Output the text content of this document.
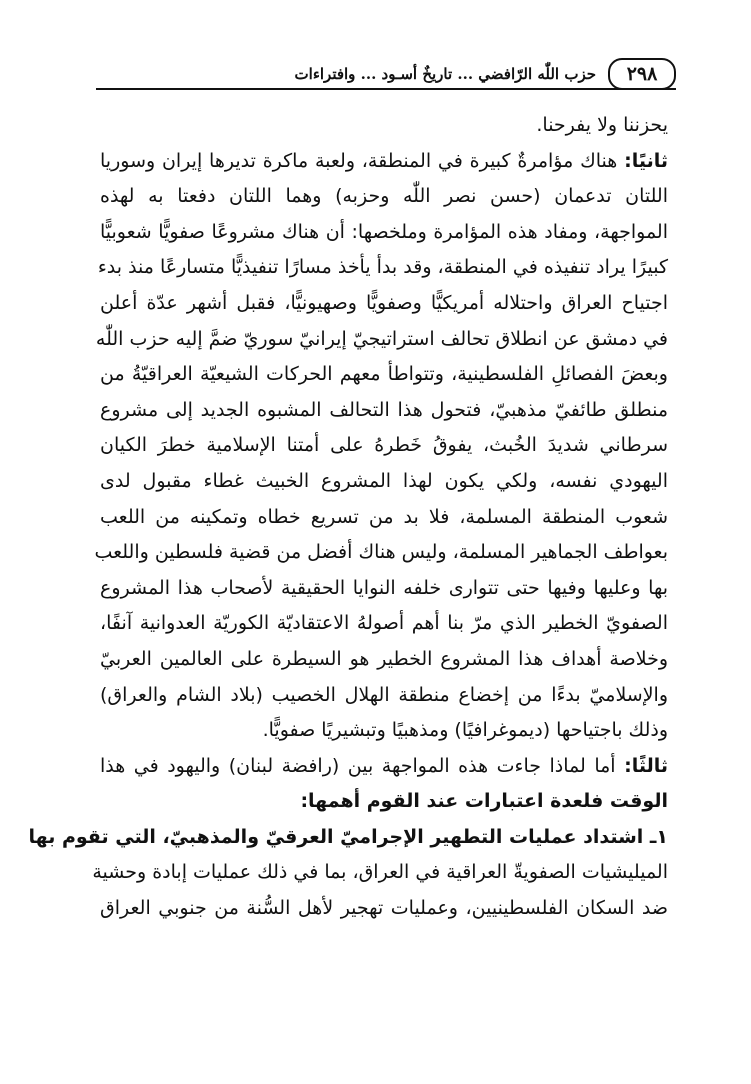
٢٩٨
حزب اللّٰه الرّافضي ... تاريخٌ أسـود ... وافتراءات
يحزننا ولا يفرحنا.
ثانيًا: هناك مؤامرةٌ كبيرة في المنطقة، ولعبة ماكرة تديرها إيران وسوريا
اللتان تدعمان (حسن نصر اللّٰه وحزبه) وهما اللتان دفعتا به لهذه
المواجهة، ومفاد هذه المؤامرة وملخصها: أن هناك مشروعًا صفويًّا شعوبيًّا
كبيرًا يراد تنفيذه في المنطقة، وقد بدأ يأخذ مسارًا تنفيذيًّا متسارعًا منذ بدء
اجتياح العراق واحتلاله أمريكيًّا وصفويًّا وصهيونيًّا، فقبل أشهر عدّة أعلن
في دمشق عن انطلاق تحالف استراتيجيّ إيرانيّ سوريّ ضمَّ إليه حزب اللّٰه
وبعضَ الفصائلِ الفلسطينية، وتتواطأ معهم الحركات الشيعيّة العراقيّةُ من
منطلق طائفيّ مذهبيّ، فتحول هذا التحالف المشبوه الجديد إلى مشروع
سرطاني شديدَ الخُبث، يفوقُ خَطرهُ على أمتنا الإسلامية خطرَ الكيان
اليهودي نفسه، ولكي يكون لهذا المشروع الخبيث غطاء مقبول لدى
شعوب المنطقة المسلمة، فلا بد من تسريع خطاه وتمكينه من اللعب
بعواطف الجماهير المسلمة، وليس هناك أفضل من قضية فلسطين واللعب
بها وعليها وفيها حتى تتوارى خلفه النوايا الحقيقية لأصحاب هذا المشروع
الصفويّ الخطير الذي مرّ بنا أهم أصولهُ الاعتقاديّة الكوريّة العدوانية آنفًا،
وخلاصة أهداف هذا المشروع الخطير هو السيطرة على العالمين العربيّ
والإسلاميّ بدءًا من إخضاع منطقة الهلال الخصيب (بلاد الشام والعراق)
وذلك باجتياحها (ديموغرافيًا) ومذهبيًا وتبشيريًا صفويًّا.
ثالثًا: أما لماذا جاءت هذه المواجهة بين (رافضة لبنان) واليهود في هذا
الوقت فلعدة اعتبارات عند القوم أهمها:
١ـ اشتداد عمليات التطهير الإجراميّ العرقيّ والمذهبيّ، التي تقوم بها
الميليشيات الصفويةّ العراقية في العراق، بما في ذلك عمليات إبادة وحشية
ضد السكان الفلسطينيين، وعمليات تهجير لأهل السُّنة من جنوبي العراق
